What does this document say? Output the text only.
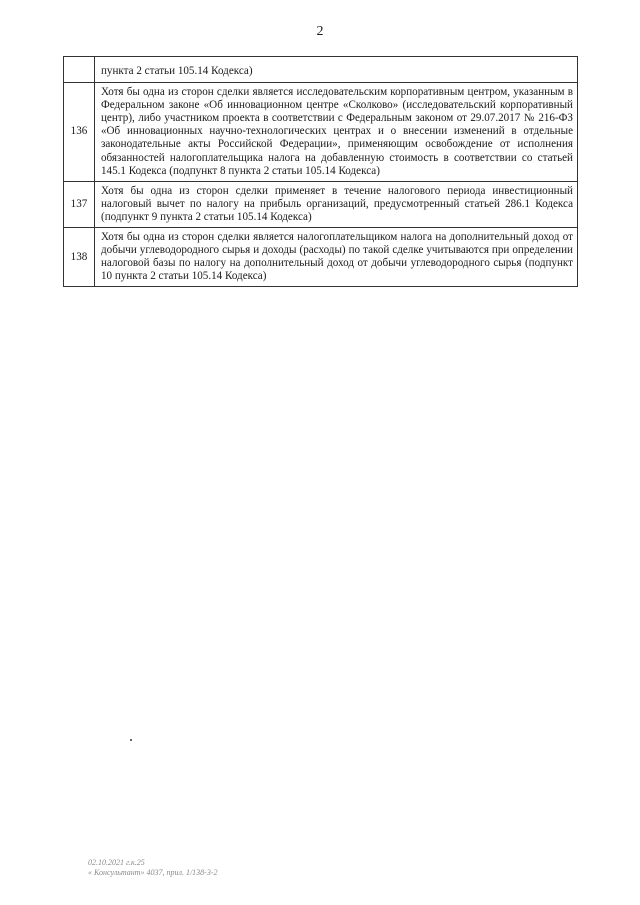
2
	пункта 2 статьи 105.14 Кодекса)
136	Хотя бы одна из сторон сделки является исследовательским корпоративным центром, указанным в Федеральном законе «Об инновационном центре «Сколково» (исследовательский корпоративный центр), либо участником проекта в соответствии с Федеральным законом от 29.07.2017 № 216-ФЗ «Об инновационных научно-технологических центрах и о внесении изменений в отдельные законодательные акты Российской Федерации», применяющим освобождение от исполнения обязанностей налогоплательщика налога на добавленную стоимость в соответствии со статьей 145.1 Кодекса (подпункт 8 пункта 2 статьи 105.14 Кодекса)
137	Хотя бы одна из сторон сделки применяет в течение налогового периода инвестиционный налоговый вычет по налогу на прибыль организаций, предусмотренный статьей 286.1 Кодекса (подпункт 9 пункта 2 статьи 105.14 Кодекса)
138	Хотя бы одна из сторон сделки является налогоплательщиком налога на дополнительный доход от добычи углеводородного сырья и доходы (расходы) по такой сделке учитываются при определении налоговой базы по налогу на дополнительный доход от добычи углеводородного сырья (подпункт 10 пункта 2 статьи 105.14 Кодекса)
02.10.2021 г.к.25
« Консультант» 4037, прил. 1/138-3-2
